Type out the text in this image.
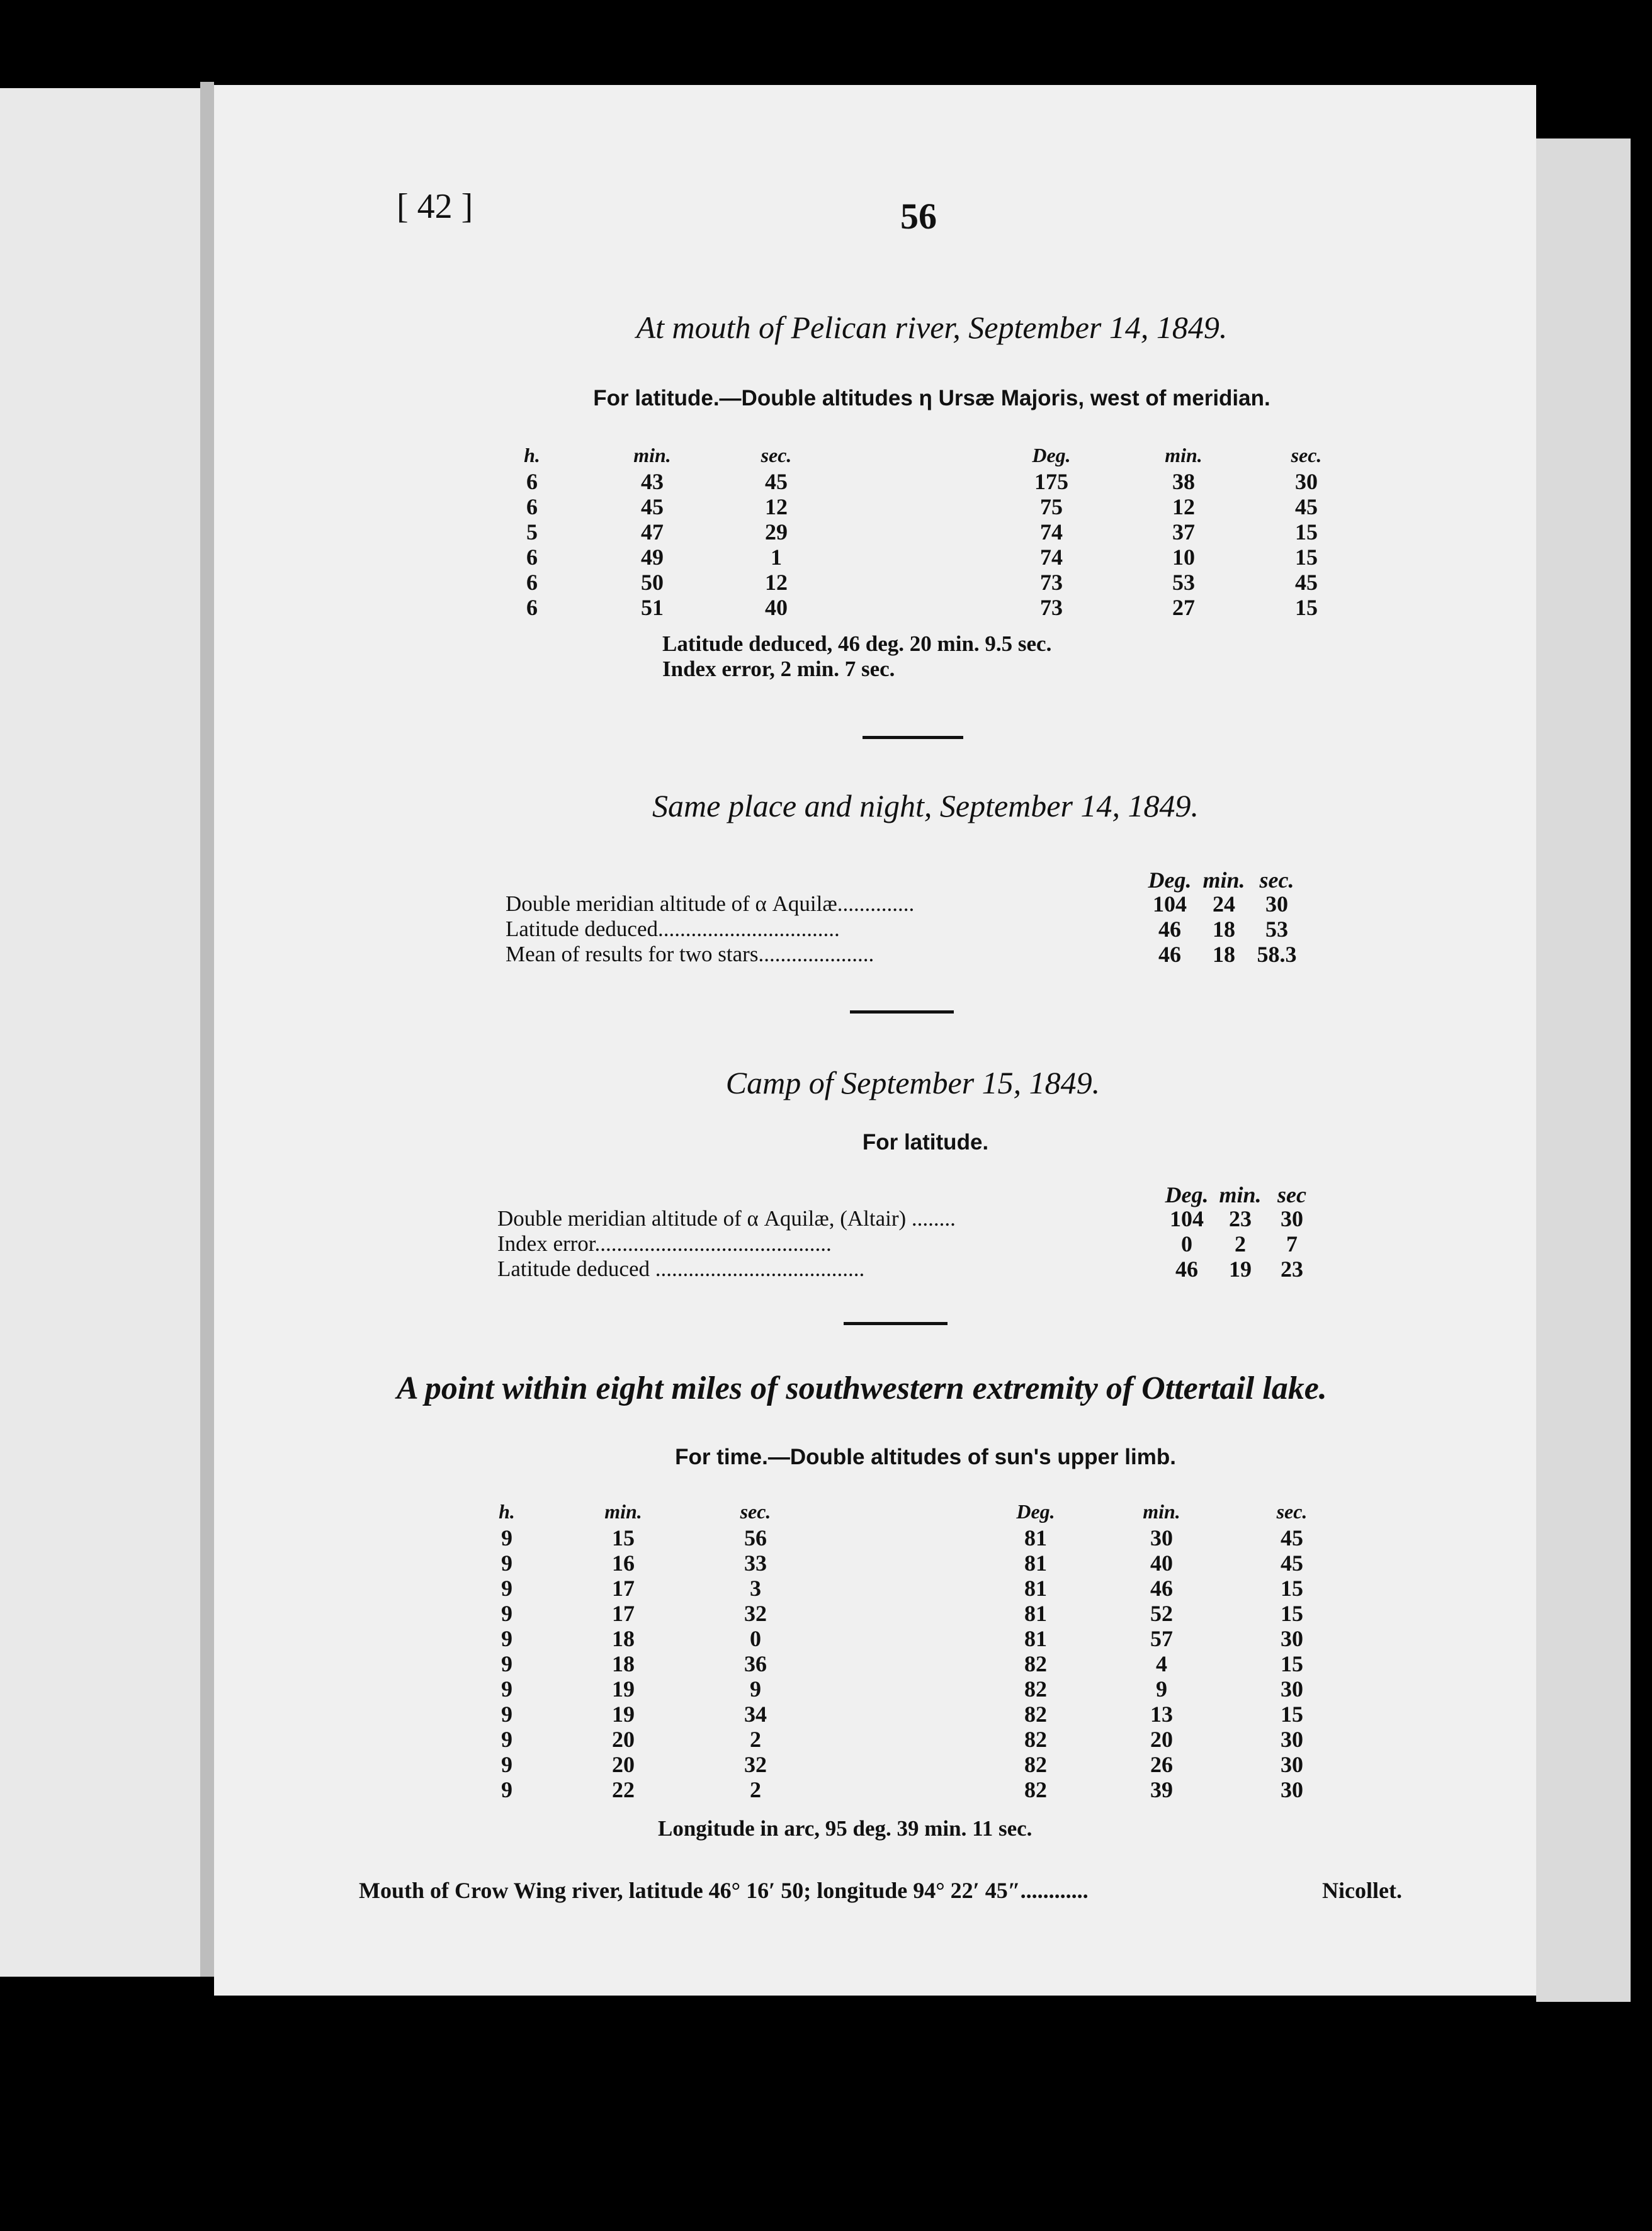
[ 42 ]	56
At mouth of Pelican river, September 14, 1849.
For latitude.—Double altitudes η Ursæ Majoris, west of meridian.
Latitude deduced, 46 deg. 20 min. 9.5 sec.
Index error, 2 min. 7 sec.
Same place and night, September 14, 1849.
Camp of September 15, 1849.
For latitude.
A point within eight miles of southwestern extremity of Ottertail lake.
For time.—Double altitudes of sun's upper limb.
Longitude in arc, 95 deg. 39 min. 11 sec.
Mouth of Crow Wing river, latitude 46° 16′ 50; longitude 94° 22′ 45″............	Nicollet.
h.	min.	sec.	Deg.	min.	sec.
6	43	45	175	38	30
6	45	12	75	12	45
5	47	29	74	37	15
6	49	1	74	10	15
6	50	12	73	53	45
6	51	40	73	27	15
h.	min.	sec.	Deg.	min.	sec.
9	15	56	81	30	45
9	16	33	81	40	45
9	17	3	81	46	15
9	17	32	81	52	15
9	18	0	81	57	30
9	18	36	82	4	15
9	19	9	82	9	30
9	19	34	82	13	15
9	20	2	82	20	30
9	20	32	82	26	30
9	22	2	82	39	30
Deg. min. sec.
Double meridian altitude of α Aquilæ..............	104	24	30
Latitude deduced.................................	46	18	53
Mean of results for two stars.....................	46	18 58.3
Deg. min. sec
Double meridian altitude of α Aquilæ, (Altair) ........	104	23	30
Index error...........................................	0	2	7
Latitude deduced ......................................	46	19	23
